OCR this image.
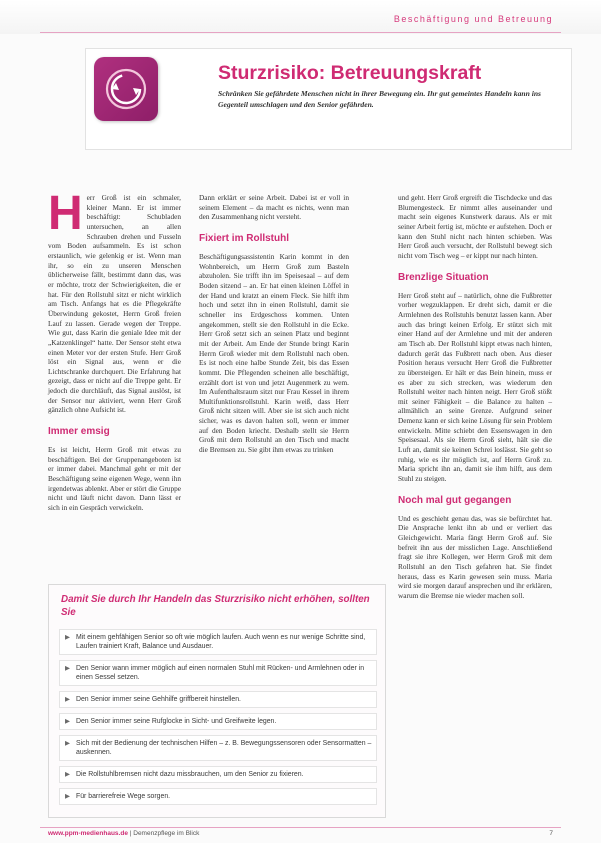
Beschäftigung und Betreuung
Sturzrisiko: Betreuungskraft
Schränken Sie gefährdete Menschen nicht in ihrer Bewegung ein. Ihr gut gemeintes Handeln kann ins Gegenteil umschlagen und den Senior gefährden.
H err Groß ist ein schmaler, kleiner Mann. Er ist immer beschäftigt: Schubladen untersuchen, an allen Schrauben drehen und Fusseln vom Boden aufsammeln. Es ist schon erstaunlich, wie gelenkig er ist. Wenn man ihr, so ein zu unseren Menschen üblicherweise fällt, bestimmt dann das, was er möchte, trotz der Schwierigkeiten, die er hat. Für den Rollstuhl sitzt er nicht wirklich am Tisch. Anfangs hat es die Pflegekräfte Überwindung gekostet, Herrn Groß freien Lauf zu lassen. Gerade wegen der Treppe. Wie gut, dass Karin die geniale Idee mit der „Katzenklingel“ hatte. Der Sensor steht etwa einen Meter vor der ersten Stufe. Herr Groß löst ein Signal aus, wenn er die Lichtschranke durchquert. Die Erfahrung hat gezeigt, dass er nicht auf die Treppe geht. Er jedoch die durchläuft, das Signal auslöst, ist der Sensor nur aktiviert, wenn Herr Groß gänzlich ohne Aufsicht ist.

Immer emsig

Es ist leicht, Herrn Groß mit etwas zu beschäftigen. Bei der Gruppenangeboten ist er immer dabei. Manchmal geht er mit der Beschäftigung seine eigenen Wege, wenn ihn irgendetwas ablenkt. Aber er stört die Gruppe nicht und läuft nicht davon. Dann lässt er sich in ein Gespräch verwickeln.

Dann erklärt er seine Arbeit. Dabei ist er voll in seinem Element – da macht es nichts, wenn man den Zusammenhang nicht versteht.

Fixiert im Rollstuhl

Beschäftigungsassistentin Karin kommt in den Wohnbereich, um Herrn Groß zum Basteln abzuholen. Sie trifft ihn im Speisesaal – auf dem Boden sitzend – an. Er hat einen kleinen Löffel in der Hand und kratzt an einem Fleck. Sie hilft ihm hoch und setzt ihn in einen Rollstuhl, damit sie schneller ins Erdgeschoss kommen. Unten angekommen, stellt sie den Rollstuhl in die Ecke. Herr Groß setzt sich an seinen Platz und beginnt mit der Arbeit. Am Ende der Stunde bringt Karin Herrn Groß wieder mit dem Rollstuhl nach oben. Es ist noch eine halbe Stunde Zeit, bis das Essen kommt. Die Pflegenden scheinen alle beschäftigt, erzählt dort ist von und jetzt Augenmerk zu wem. Im Aufenthaltsraum sitzt nur Frau Kessel in ihrem Multifunktionsrollstuhl. Karin weiß, dass Herr Groß nicht sitzen will. Aber sie ist sich auch nicht sicher, was es davon halten soll, wenn er immer auf den Boden kriecht. Deshalb stellt sie Herrn Groß mit dem Rollstuhl an den Tisch und macht die Bremsen zu. Sie gibt ihm etwas zu trinken

und geht. Herr Groß ergreift die Tischdecke und das Blumengesteck. Er nimmt alles auseinander und macht sein eigenes Kunstwerk daraus. Als er mit seiner Arbeit fertig ist, möchte er aufstehen. Doch er kann den Stuhl nicht nach hinten schieben. Was Herr Groß auch versucht, der Rollstuhl bewegt sich nicht vom Tisch weg – er kippt nur nach hinten.

Brenzlige Situation

Herr Groß steht auf – natürlich, ohne die Fußbretter vorher wegzuklappen. Er dreht sich, damit er die Armlehnen des Rollstuhls benutzt lassen kann. Aber auch das bringt keinen Erfolg. Er stützt sich mit einer Hand auf der Armlehne und mit der anderen am Tisch ab. Der Rollstuhl kippt etwas nach hinten, dadurch gerät das Fußbrett nach oben. Aus dieser Position heraus versucht Herr Groß die Fußbretter zu übersteigen. Er hält er das Bein hinein, muss er es aber zu sich strecken, was wiederum den Rollstuhl weiter nach hinten neigt. Herr Groß stößt mit seiner Fähigkeit – die Balance zu halten – allmählich an seine Grenze. Aufgrund seiner Demenz kann er sich keine Lösung für sein Problem entwickeln. Mitte schiebt den Essenswagen in den Speisesaal. Als sie Herrn Groß sieht, hält sie die Luft an, damit sie keinen Schrei loslässt. Sie geht so ruhig, wie es ihr möglich ist, auf Herrn Groß zu. Maria spricht ihn an, damit sie ihm hilft, aus dem Stuhl zu steigen.

Noch mal gut gegangen

Und es geschieht genau das, was sie befürchtet hat. Die Ansprache lenkt ihn ab und er verliert das Gleichgewicht. Maria fängt Herrn Groß auf. Sie befreit ihn aus der misslichen Lage. Anschließend fragt sie ihre Kollegen, wer Herrn Groß mit dem Rollstuhl an den Tisch gefahren hat. Sie findet heraus, dass es Karin gewesen sein muss. Maria wird sie morgen darauf ansprechen und ihr erklären, warum die Bremse nie wieder machen soll.

Damit Sie durch Ihr Handeln das Sturzrisiko nicht erhöhen, sollten Sie
▶ Mit einem gehfähigen Senior so oft wie möglich laufen. Auch wenn es nur wenige Schritte sind, Laufen trainiert Kraft, Balance und Ausdauer.
▶ Den Senior wann immer möglich auf einen normalen Stuhl mit Rücken- und Armlehnen oder in einen Sessel setzen.
▶ Den Senior immer seine Gehhilfe griffbereit hinstellen.
▶ Den Senior immer seine Rufglocke in Sicht- und Greifweite legen.
▶ Sich mit der Bedienung der technischen Hilfen – z. B. Bewegungssensoren oder Sensormatten – auskennen.
▶ Die Rollstuhlbremsen nicht dazu missbrauchen, um den Senior zu fixieren.
▶ Für barrierefreie Wege sorgen.
www.ppm-medienhaus.de | Demenzpflege im Blick	7
